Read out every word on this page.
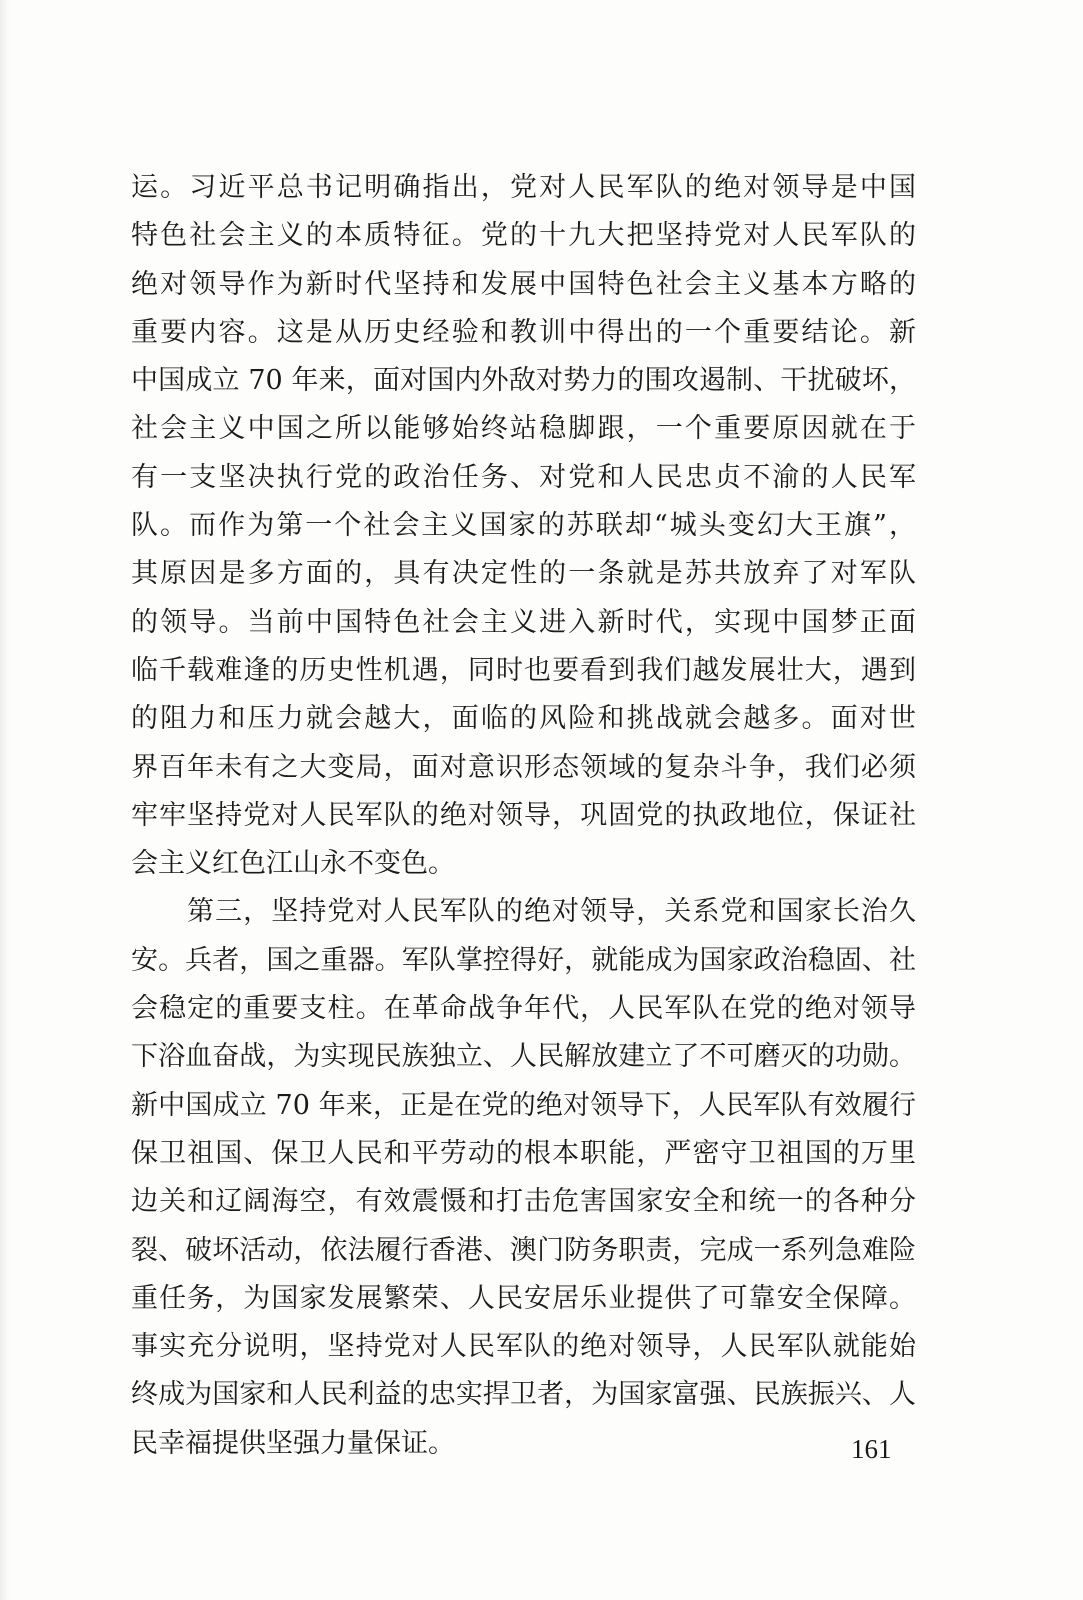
运。习近平总书记明确指出，党对人民军队的绝对领导是中国
特色社会主义的本质特征。党的十九大把坚持党对人民军队的
绝对领导作为新时代坚持和发展中国特色社会主义基本方略的
重要内容。这是从历史经验和教训中得出的一个重要结论。新
中国成立 70 年来，面对国内外敌对势力的围攻遏制、干扰破坏，
社会主义中国之所以能够始终站稳脚跟，一个重要原因就在于
有一支坚决执行党的政治任务、对党和人民忠贞不渝的人民军
队。而作为第一个社会主义国家的苏联却“城头变幻大王旗”，
其原因是多方面的，具有决定性的一条就是苏共放弃了对军队
的领导。当前中国特色社会主义进入新时代，实现中国梦正面
临千载难逢的历史性机遇，同时也要看到我们越发展壮大，遇到
的阻力和压力就会越大，面临的风险和挑战就会越多。面对世
界百年未有之大变局，面对意识形态领域的复杂斗争，我们必须
牢牢坚持党对人民军队的绝对领导，巩固党的执政地位，保证社
会主义红色江山永不变色。
第三，坚持党对人民军队的绝对领导，关系党和国家长治久
安。兵者，国之重器。军队掌控得好，就能成为国家政治稳固、社
会稳定的重要支柱。在革命战争年代，人民军队在党的绝对领导
下浴血奋战，为实现民族独立、人民解放建立了不可磨灭的功勋。
新中国成立 70 年来，正是在党的绝对领导下，人民军队有效履行
保卫祖国、保卫人民和平劳动的根本职能，严密守卫祖国的万里
边关和辽阔海空，有效震慑和打击危害国家安全和统一的各种分
裂、破坏活动，依法履行香港、澳门防务职责，完成一系列急难险
重任务，为国家发展繁荣、人民安居乐业提供了可靠安全保障。
事实充分说明，坚持党对人民军队的绝对领导，人民军队就能始
终成为国家和人民利益的忠实捍卫者，为国家富强、民族振兴、人
民幸福提供坚强力量保证。	161
